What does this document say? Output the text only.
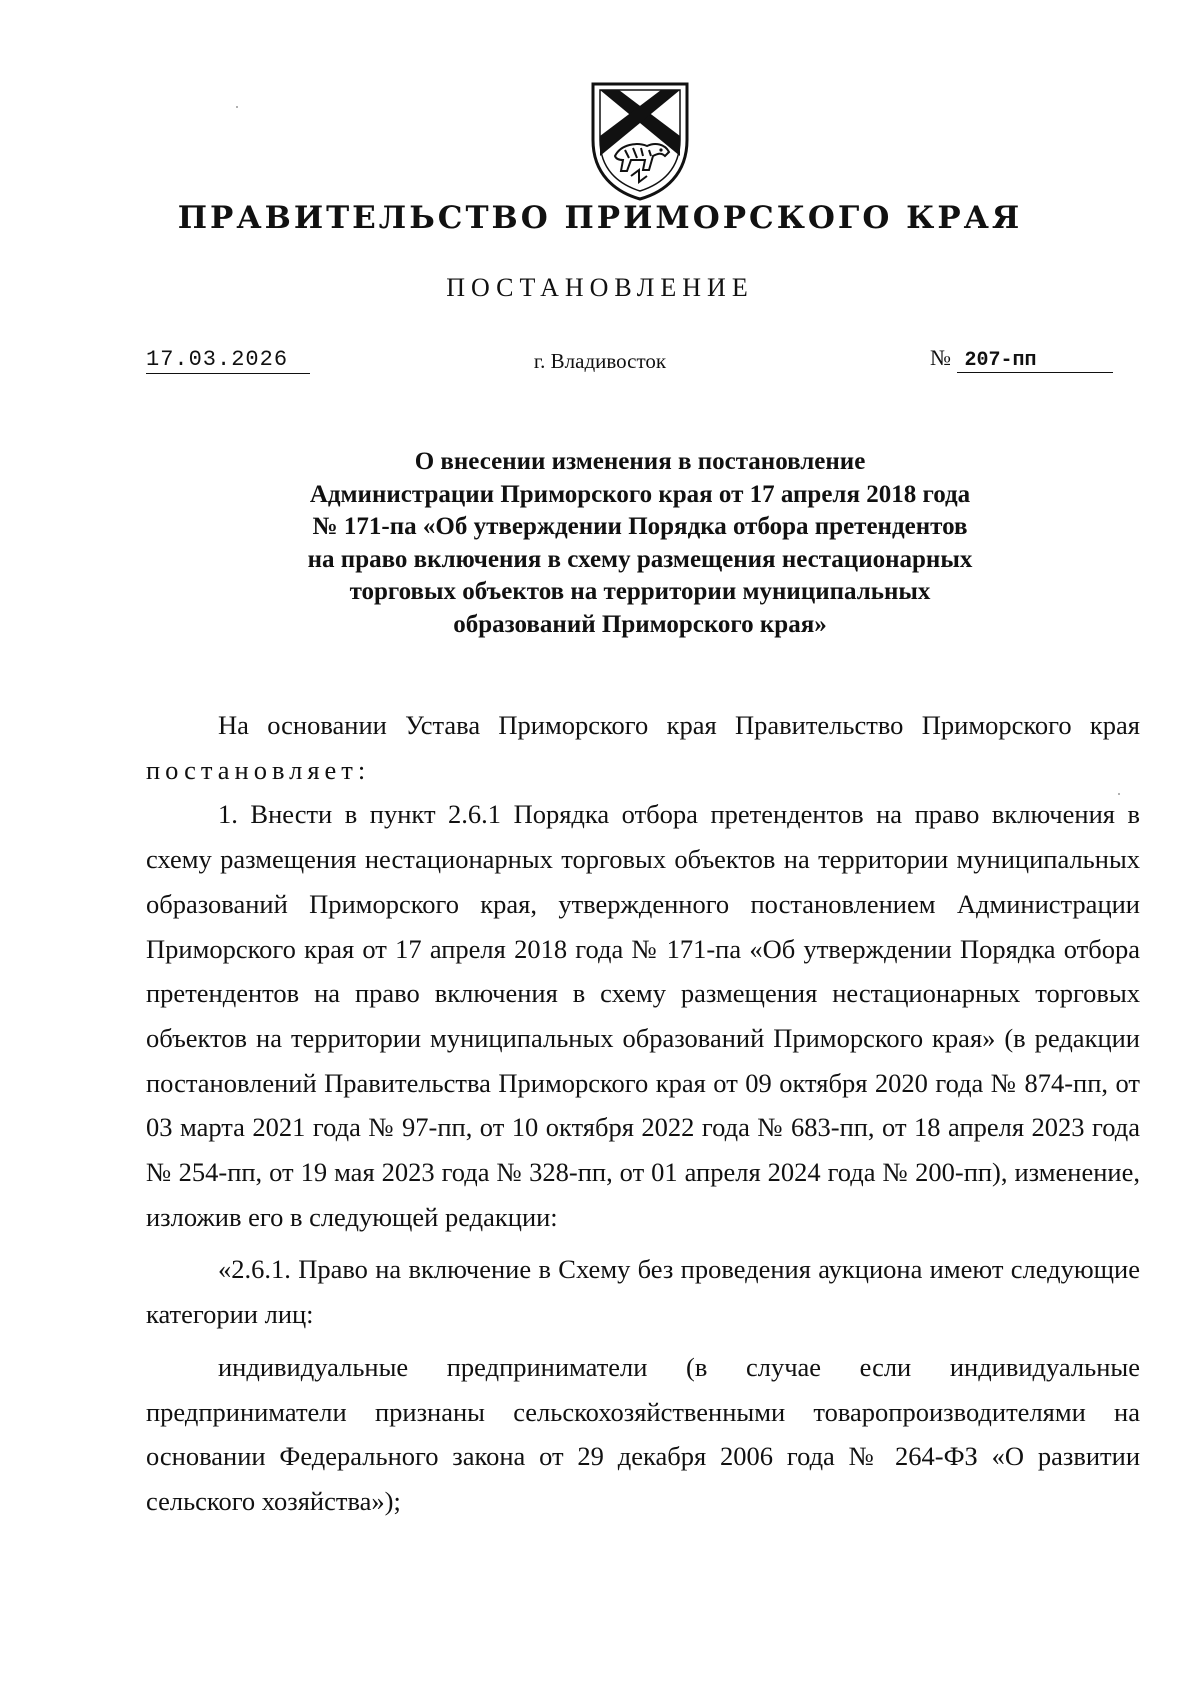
ПРАВИТЕЛЬСТВО ПРИМОРСКОГО КРАЯ
ПОСТАНОВЛЕНИЕ
17.03.2026	г. Владивосток	№ 207-пп
О внесении изменения в постановление
Администрации Приморского края от 17 апреля 2018 года
№ 171-па «Об утверждении Порядка отбора претендентов
на право включения в схему размещения нестационарных
торговых объектов на территории муниципальных
образований Приморского края»

На основании Устава Приморского края Правительство Приморского края постановляет:

1. Внести в пункт 2.6.1 Порядка отбора претендентов на право включения в схему размещения нестационарных торговых объектов на территории муниципальных образований Приморского края, утвержденного постановлением Администрации Приморского края от 17 апреля 2018 года № 171-па «Об утверждении Порядка отбора претендентов на право включения в схему размещения нестационарных торговых объектов на территории муниципальных образований Приморского края» (в редакции постановлений Правительства Приморского края от 09 октября 2020 года № 874-пп, от 03 марта 2021 года № 97-пп, от 10 октября 2022 года № 683-пп, от 18 апреля 2023 года № 254-пп, от 19 мая 2023 года № 328-пп, от 01 апреля 2024 года № 200-пп), изменение, изложив его в следующей редакции:

«2.6.1. Право на включение в Схему без проведения аукциона имеют следующие категории лиц:

индивидуальные предприниматели (в случае если индивидуальные предприниматели признаны сельскохозяйственными товаропроизводителями на основании Федерального закона от 29 декабря 2006 года № 264-ФЗ «О развитии сельского хозяйства»);
